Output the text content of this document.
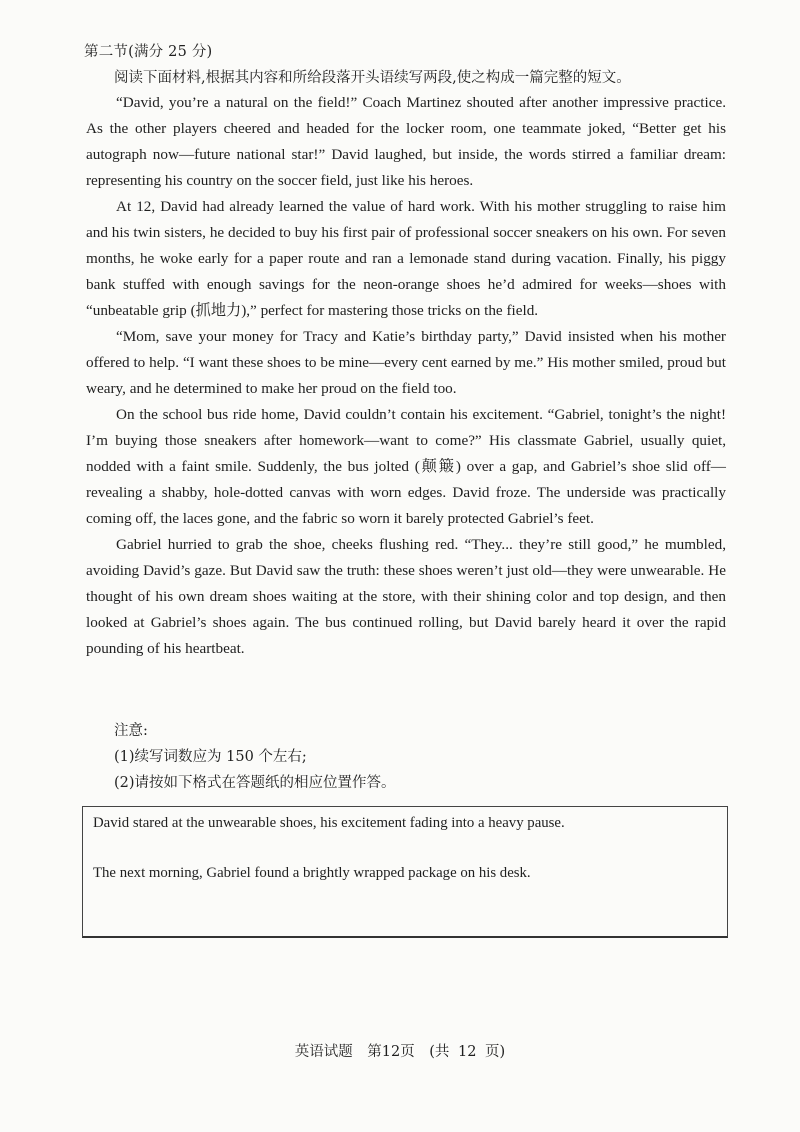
第二节(满分 25 分)
阅读下面材料,根据其内容和所给段落开头语续写两段,使之构成一篇完整的短文。

“David, you’re a natural on the field!” Coach Martinez shouted after another impressive practice. As the other players cheered and headed for the locker room, one teammate joked, “Better get his autograph now—future national star!” David laughed, but inside, the words stirred a familiar dream: representing his country on the soccer field, just like his heroes.

At 12, David had already learned the value of hard work. With his mother struggling to raise him and his twin sisters, he decided to buy his first pair of professional soccer sneakers on his own. For seven months, he woke early for a paper route and ran a lemonade stand during vacation. Finally, his piggy bank stuffed with enough savings for the neon-orange shoes he’d admired for weeks—shoes with “unbeatable grip (抓地力),” perfect for mastering those tricks on the field.

“Mom, save your money for Tracy and Katie’s birthday party,” David insisted when his mother offered to help. “I want these shoes to be mine—every cent earned by me.” His mother smiled, proud but weary, and he determined to make her proud on the field too.

On the school bus ride home, David couldn’t contain his excitement. “Gabriel, tonight’s the night! I’m buying those sneakers after homework—want to come?” His classmate Gabriel, usually quiet, nodded with a faint smile. Suddenly, the bus jolted (颠簸) over a gap, and Gabriel’s shoe slid off—revealing a shabby, hole-dotted canvas with worn edges. David froze. The underside was practically coming off, the laces gone, and the fabric so worn it barely protected Gabriel’s feet.

Gabriel hurried to grab the shoe, cheeks flushing red. “They... they’re still good,” he mumbled, avoiding David’s gaze. But David saw the truth: these shoes weren’t just old—they were unwearable. He thought of his own dream shoes waiting at the store, with their shining color and top design, and then looked at Gabriel’s shoes again. The bus continued rolling, but David barely heard it over the rapid pounding of his heartbeat.

注意:
(1)续写词数应为 150 个左右;
(2)请按如下格式在答题纸的相应位置作答。
David stared at the unwearable shoes, his excitement fading into a heavy pause.
The next morning, Gabriel found a brightly wrapped package on his desk.
英语试题　第12页　(共 12 页)
